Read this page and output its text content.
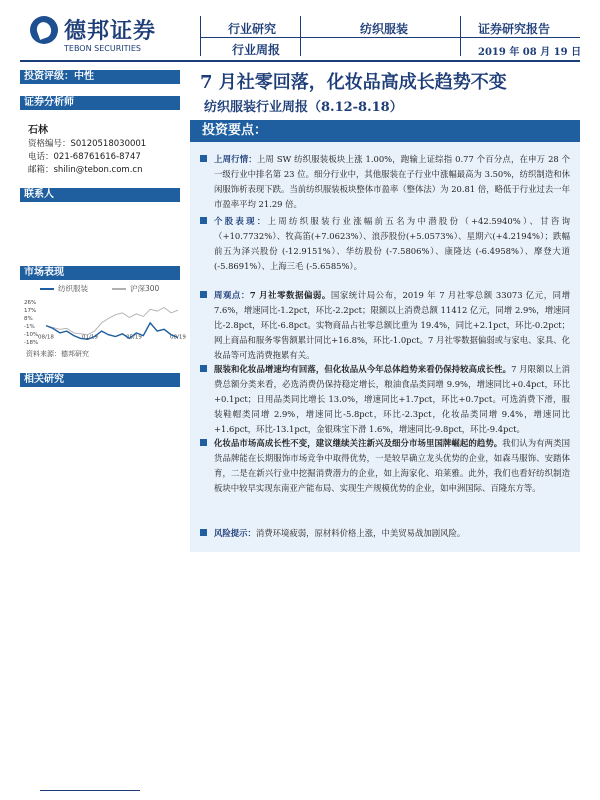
德邦证券
TEBON SECURITIES
行业研究	纺织服装	证券研究报告
行业周报	2019 年 08 月 19 日
投资评级：中性
证券分析师
石林
资格编号：S0120518030001
电话：021-68761616-8747
邮箱：shilin@tebon.com.cn
联系人
市场表现
纺织服装	沪深300
26%
17%
8%
-1%
-10%
-18%
08/18	01/19	05/19	08/19
资料来源：德邦研究
相关研究
7 月社零回落，化妆品高成长趋势不变
纺织服装行业周报（8.12-8.18）
投资要点：
上周行情：上周 SW 纺织服装板块上涨 1.00%，跑输上证综指 0.77 个百分点，在申万 28 个一级行业中排名第 23 位。细分行业中，其他服装在子行业中涨幅最高为 3.50%，纺织制造和休闲服饰析表现下跌。当前纺织服装板块整体市盈率（整体法）为 20.81 倍，略低于行业过去一年市盈率平均 21.29 倍。
个股表现：上周纺织服装行业涨幅前五名为中潜股份（+42.5940%）、甘咨询（+10.7732%）、牧高笛(+7.0623%）、浪莎股份(+5.0573%）、星期六(+4.2194%）；跌幅前五为泽兴股份 (-12.9151%）、华纺股份 (-7.5806%）、康隆达 (-6.4958%）、摩登大道 (-5.8691%）、上海三毛 (-5.6585%）。
周观点：7 月社零数据偏弱。国家统计局公布，2019 年 7 月社零总额 33073 亿元，同增 7.6%，增速同比-1.2pct，环比-2.2pct；限额以上消费总额 11412 亿元，同增 2.9%，增速同比-2.8pct，环比-6.8pct。实物商品占社零总额比重为 19.4%，同比+2.1pct，环比-0.2pct；网上商品和服务零售额累计同比+16.8%，环比-1.0pct。7 月社零数据偏弱或与家电、家具、化妆品等可选消费拖累有关。
服装和化妆品增速均有回落，但化妆品从今年总体趋势来看仍保持较高成长性。7 月限额以上消费总额分类来看，必选消费仍保持稳定增长，粮油食品类同增 9.9%，增速同比+0.4pct，环比+0.1pct；日用品类同比增长 13.0%，增速同比+1.7pct，环比+0.7pct。可选消费下滑，服装鞋帽类同增 2.9%，增速同比-5.8pct，环比-2.3pct，化妆品类同增 9.4%，增速同比+1.6pct，环比-13.1pct，金银珠宝下滑 1.6%，增速同比-9.8pct，环比-9.4pct。
化妆品市场高成长性不变，建议继续关注新兴及细分市场里国牌崛起的趋势。我们认为有两类国货品牌能在长期服饰市场竞争中取得优势，一是较早确立龙头优势的企业，如森马服饰、安踏体育，二是在新兴行业中挖掘消费潜力的企业，如上海家化、珀莱雅。此外，我们也看好纺织制造板块中较早实现东南亚产能布局、实现生产规模优势的企业，如申洲国际、百隆东方等。
风险提示：消费环境疲弱，原材料价格上涨，中美贸易战加剧风险。
